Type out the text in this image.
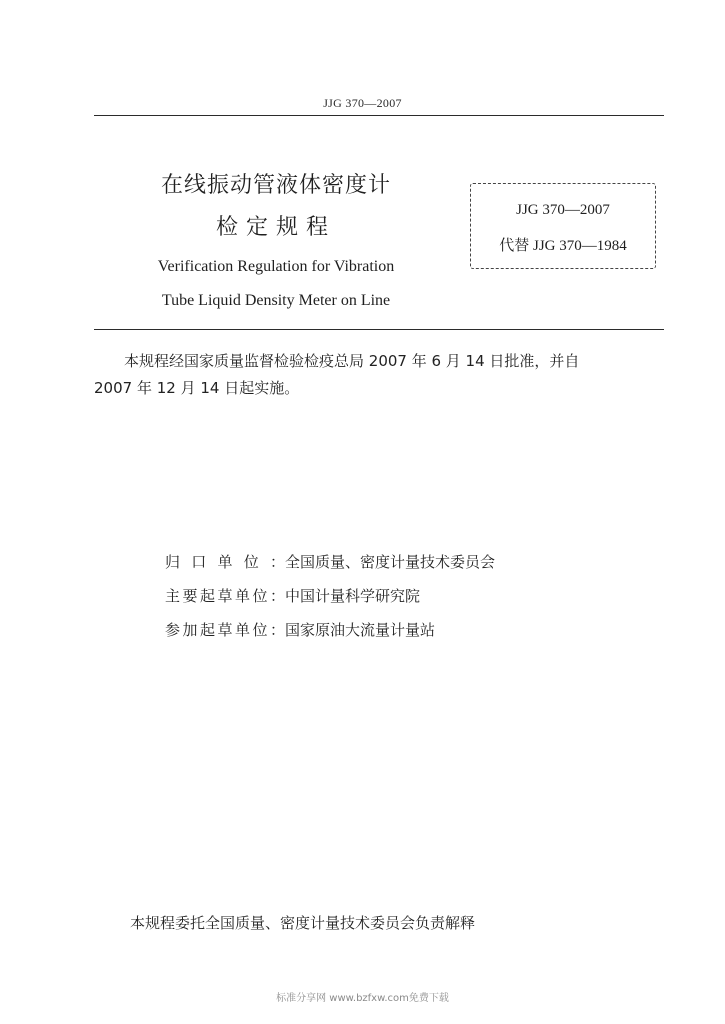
JJG 370—2007
在线振动管液体密度计
检定规程
Verification Regulation for Vibration
Tube Liquid Density Meter on Line
JJG 370—2007
代替 JJG 370—1984
本规程经国家质量监督检验检疫总局 2007 年 6 月 14 日批准，并自
2007 年 12 月 14 日起实施。
归口单位：全国质量、密度计量技术委员会
主要起草单位：中国计量科学研究院
参加起草单位：国家原油大流量计量站
本规程委托全国质量、密度计量技术委员会负责解释
标准分享网 www.bzfxw.com免费下载
